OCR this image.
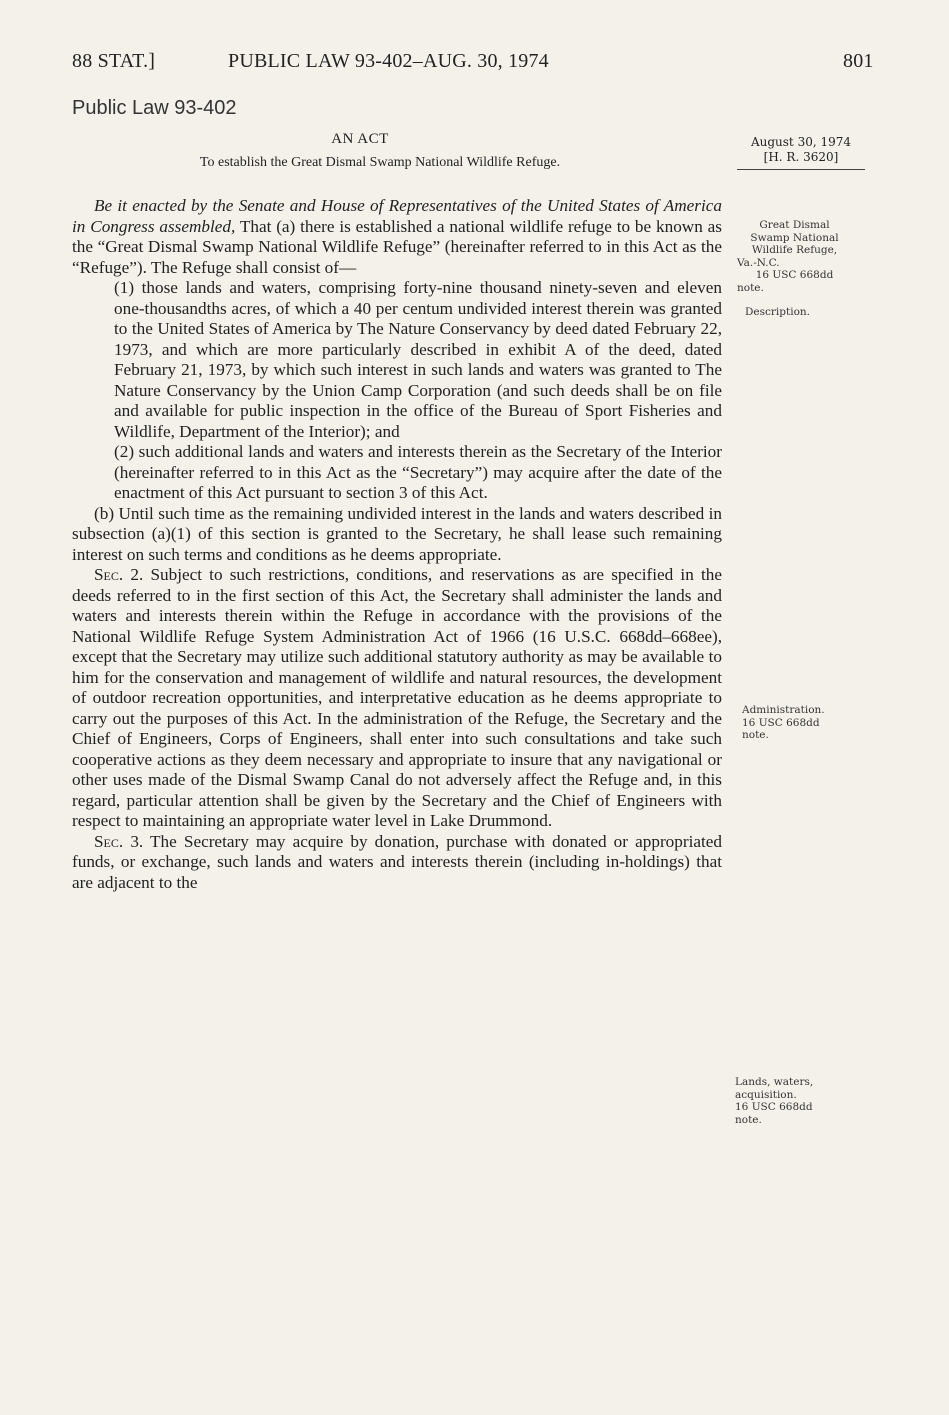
88 STAT.]	PUBLIC LAW 93-402–AUG. 30, 1974	801
Public Law 93-402
AN ACT
To establish the Great Dismal Swamp National Wildlife Refuge.
August 30, 1974
[H. R. 3620]
Great Dismal
Swamp National
Wildlife Refuge,
Va.-N.C.
16 USC 668dd
note.
Description.
Administration.
16 USC 668dd
note.
Lands, waters,
acquisition.
16 USC 668dd
note.

Be it enacted by the Senate and House of Representatives of the United States of America in Congress assembled, That (a) there is established a national wildlife refuge to be known as the “Great Dismal Swamp National Wildlife Refuge” (hereinafter referred to in this Act as the “Refuge”). The Refuge shall consist of—

(1) those lands and waters, comprising forty-nine thousand ninety-seven and eleven one-thousandths acres, of which a 40 per centum undivided interest therein was granted to the United States of America by The Nature Conservancy by deed dated February 22, 1973, and which are more particularly described in exhibit A of the deed, dated February 21, 1973, by which such interest in such lands and waters was granted to The Nature Conservancy by the Union Camp Corporation (and such deeds shall be on file and available for public inspection in the office of the Bureau of Sport Fisheries and Wildlife, Department of the Interior); and

(2) such additional lands and waters and interests therein as the Secretary of the Interior (hereinafter referred to in this Act as the “Secretary”) may acquire after the date of the enactment of this Act pursuant to section 3 of this Act.

(b) Until such time as the remaining undivided interest in the lands and waters described in subsection (a)(1) of this section is granted to the Secretary, he shall lease such remaining interest on such terms and conditions as he deems appropriate.

Sec. 2. Subject to such restrictions, conditions, and reservations as are specified in the deeds referred to in the first section of this Act, the Secretary shall administer the lands and waters and interests therein within the Refuge in accordance with the provisions of the National Wildlife Refuge System Administration Act of 1966 (16 U.S.C. 668dd–668ee), except that the Secretary may utilize such additional statutory authority as may be available to him for the conservation and management of wildlife and natural resources, the development of outdoor recreation opportunities, and interpretative education as he deems appropriate to carry out the purposes of this Act. In the administration of the Refuge, the Secretary and the Chief of Engineers, Corps of Engineers, shall enter into such consultations and take such cooperative actions as they deem necessary and appropriate to insure that any navigational or other uses made of the Dismal Swamp Canal do not adversely affect the Refuge and, in this regard, particular attention shall be given by the Secretary and the Chief of Engineers with respect to maintaining an appropriate water level in Lake Drummond.

Sec. 3. The Secretary may acquire by donation, purchase with donated or appropriated funds, or exchange, such lands and waters and interests therein (including in-holdings) that are adjacent to the
